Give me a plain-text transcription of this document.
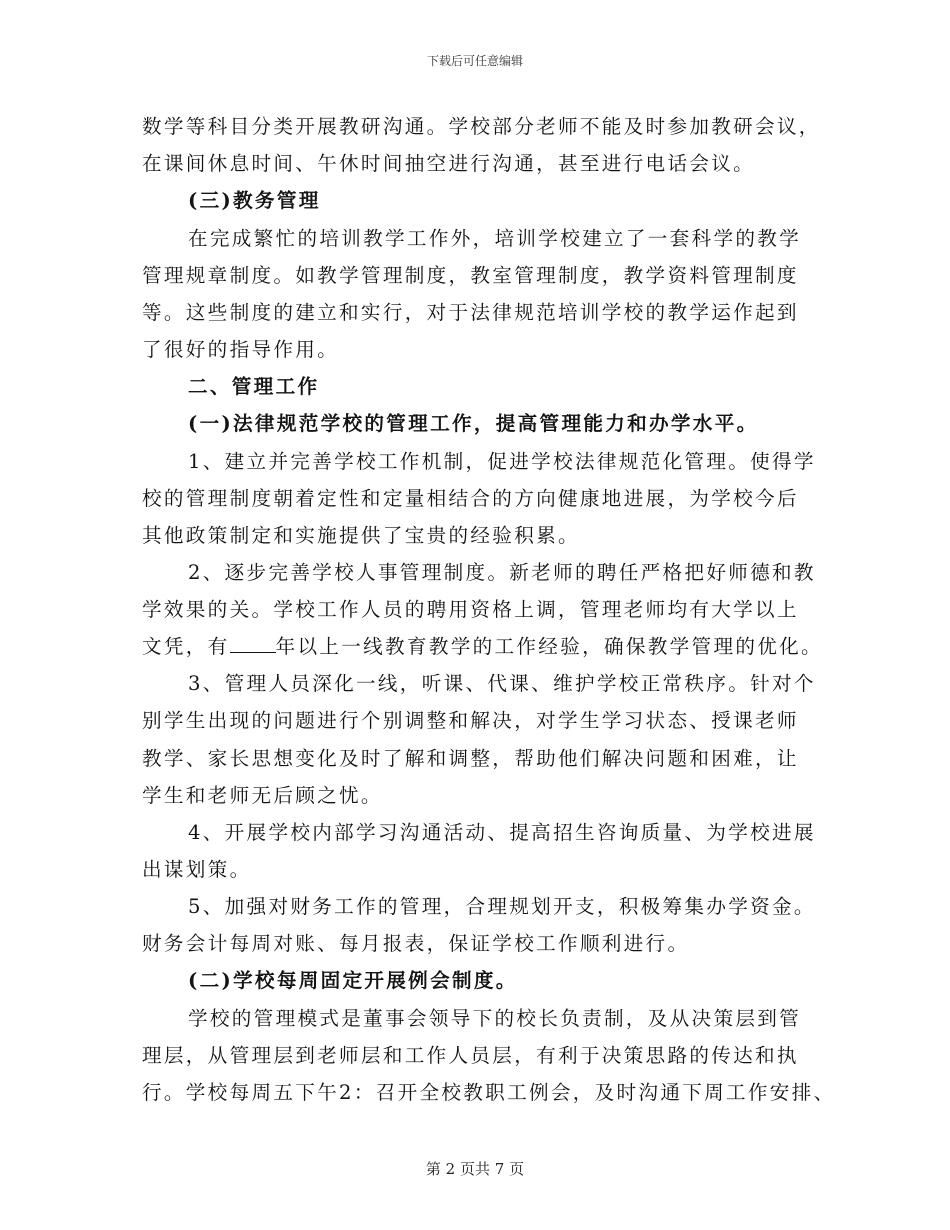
下载后可任意编辑
数学等科目分类开展教研沟通。学校部分老师不能及时参加教研会议，
在课间休息时间、午休时间抽空进行沟通，甚至进行电话会议。
(三)教务管理
在完成繁忙的培训教学工作外，培训学校建立了一套科学的教学
管理规章制度。如教学管理制度，教室管理制度，教学资料管理制度
等。这些制度的建立和实行，对于法律规范培训学校的教学运作起到
了很好的指导作用。
二、管理工作
(一)法律规范学校的管理工作，提高管理能力和办学水平。
1、建立并完善学校工作机制，促进学校法律规范化管理。使得学
校的管理制度朝着定性和定量相结合的方向健康地进展，为学校今后
其他政策制定和实施提供了宝贵的经验积累。
2、逐步完善学校人事管理制度。新老师的聘任严格把好师德和教
学效果的关。学校工作人员的聘用资格上调，管理老师均有大学以上
文凭，有 年以上一线教育教学的工作经验，确保教学管理的优化。
3、管理人员深化一线，听课、代课、维护学校正常秩序。针对个
别学生出现的问题进行个别调整和解决，对学生学习状态、授课老师
教学、家长思想变化及时了解和调整，帮助他们解决问题和困难，让
学生和老师无后顾之忧。
4、开展学校内部学习沟通活动、提高招生咨询质量、为学校进展
出谋划策。
5、加强对财务工作的管理，合理规划开支，积极筹集办学资金。
财务会计每周对账、每月报表，保证学校工作顺利进行。
(二)学校每周固定开展例会制度。
学校的管理模式是董事会领导下的校长负责制，及从决策层到管
理层，从管理层到老师层和工作人员层，有利于决策思路的传达和执
行。学校每周五下午2：召开全校教职工例会，及时沟通下周工作安排、
第 2 页共 7 页
